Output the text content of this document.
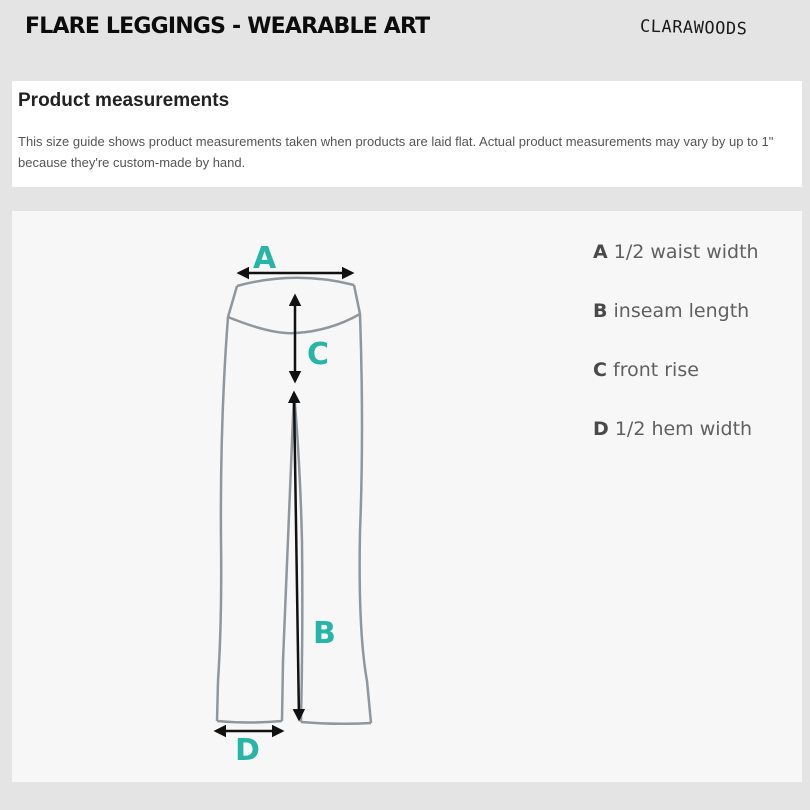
FLARE LEGGINGS - WEARABLE ART	CLARAWOODS
Product measurements
This size guide shows product measurements taken when products are laid flat. Actual product measurements may vary by up to 1" because they're custom-made by hand.
A
C
B
D
A 1/2 waist width
B inseam length
C front rise
D 1/2 hem width
